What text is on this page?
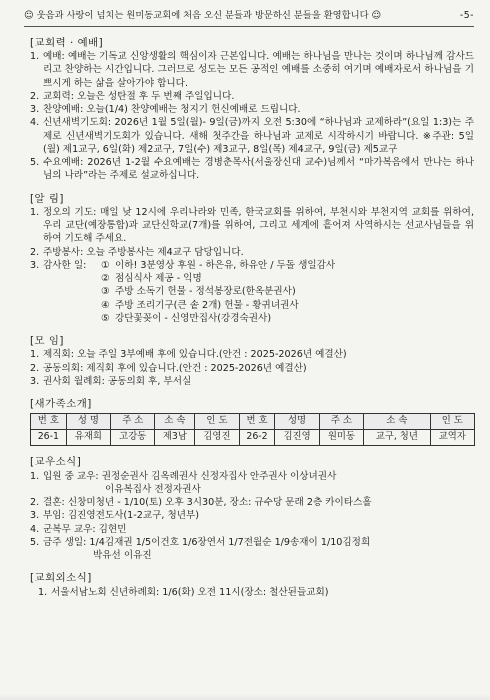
☺ 웃음과 사랑이 넘치는 원미동교회에 처음 오신 분들과 방문하신 분들을 환영합니다 ☺	-5-
[교회력 · 예배]
1. 예배: 예배는 기독교 신앙생활의 핵심이자 근본입니다. 예배는 하나님을 만나는 것이며 하나님께 감사드리고 찬양하는 시간입니다. 그러므로 성도는 모든 공적인 예배를 소중히 여기며 예배자로서 하나님을 기쁘시게 하는 삶을 살아가야 합니다.
2. 교회력: 오늘은 성탄절 후 두 번째 주일입니다.
3. 찬양예배: 오늘(1/4) 찬양예배는 청지기 헌신예배로 드립니다.
4. 신년새벽기도회: 2026년 1월 5일(월)- 9일(금)까지 오전 5:30에 “하나님과 교제하라”(요일 1:3)는 주제로 신년새벽기도회가 있습니다. 새해 첫주간을 하나님과 교제로 시작하시기 바랍니다. ※주관: 5일(월) 제1교구, 6일(화) 제2교구, 7일(수) 제3교구, 8일(목) 제4교구, 9일(금) 제5교구
5. 수요예배: 2026년 1-2월 수요예배는 경병춘목사(서울장신대 교수)님께서 “마가복음에서 만나는 하나님의 나라”라는 주제로 설교하십니다.
[알 림]
1. 정오의 기도: 매일 낮 12시에 우리나라와 민족, 한국교회를 위하여, 부천시와 부천지역 교회를 위하여, 우리 교단(예장통합)과 교단신학교(7개)를 위하여, 그리고 세계에 흩어져 사역하시는 선교사님들을 위하여 기도해 주세요.
2. 주방봉사: 오늘 주방봉사는 제4교구 담당입니다.
3. 감사한 일:	① 이하! 3분영상 후원 - 하은유, 하유안 / 두돌 생일감사
② 점심식사 제공 - 익명
③ 주방 소독기 헌물 - 정석봉장로(한옥분권사)
④ 주방 조리기구(큰 솥 2개) 헌물 - 황귀녀권사
⑤ 강단꽃꽂이 - 신영만집사(강경숙권사)
[모 임]
1. 제직회: 오늘 주일 3부예배 후에 있습니다.(안건 : 2025-2026년 예결산)
2. 공동의회: 제직회 후에 있습니다.(안건 : 2025-2026년 예결산)
3. 권사회 월례회: 공동의회 후, 부서실
[새가족소개]
번 호	성 명	주 소	소 속	인 도	번 호	성명	주 소	소 속	인 도
26-1	유재희	고강동	제3남	김영진	26-2	김진영	원미동	교구, 청년	교역자
[교우소식]
1. 입원 중 교우: 권정순권사 김옥례권사 신정자집사 안주권사 이상녀권사
이유복집사 전정자권사
2. 결혼: 신창미청년 - 1/10(토) 오후 3시30분, 장소: 규수당 문래 2층 카이타스홀
3. 부임: 김진영전도사(1-2교구, 청년부)
4. 군복무 교우: 김현민
5. 금주 생일: 1/4김재권 1/5이건호 1/6장연서 1/7전월순 1/9송재이 1/10김정희
박유선 이유진
[교회외소식]
1. 서울서남노회 신년하례회: 1/6(화) 오전 11시(장소: 철산된들교회)
